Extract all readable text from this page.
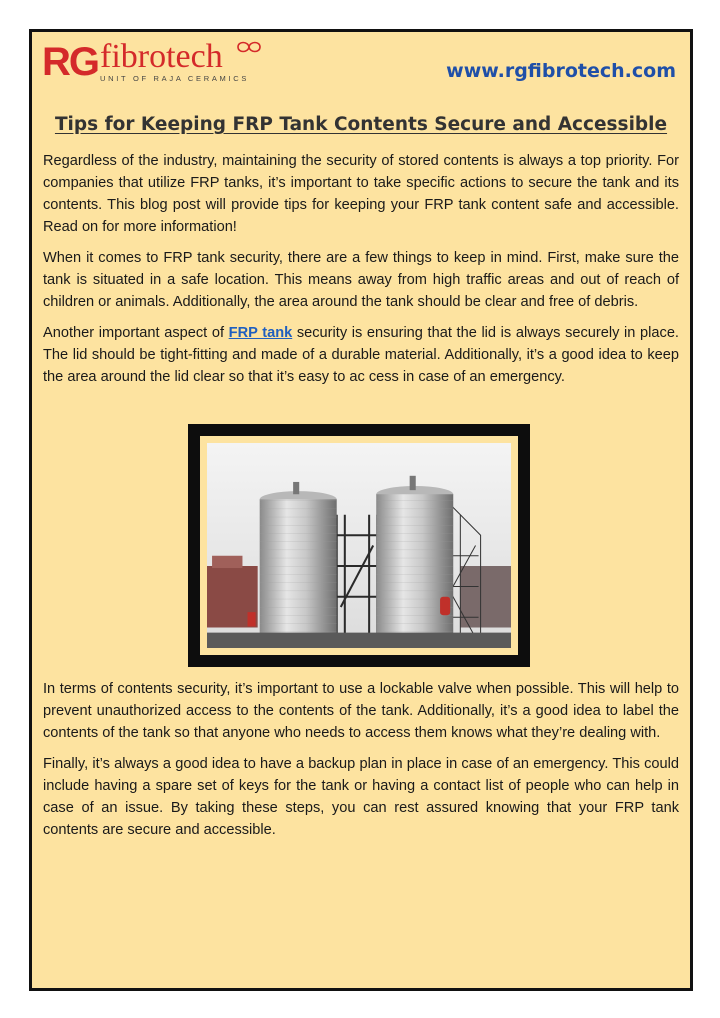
RG fibrotech
UNIT OF RAJA CERAMICS	www.rgfibrotech.com
Tips for Keeping FRP Tank Contents Secure and Accessible

Regardless of the industry, maintaining the security of stored contents is always a top priority. For companies that utilize FRP tanks, it’s important to take specific actions to secure the tank and its contents. This blog post will provide tips for keeping your FRP tank content safe and accessible. Read on for more information!

When it comes to FRP tank security, there are a few things to keep in mind. First, make sure the tank is situated in a safe location. This means away from high traffic areas and out of reach of children or animals. Additionally, the area around the tank should be clear and free of debris.

Another important aspect of FRP tank security is ensuring that the lid is always securely in place. The lid should be tight-fitting and made of a durable material. Additionally, it’s a good idea to keep the area around the lid clear so that it’s easy to ac cess in case of an emergency.

In terms of contents security, it’s important to use a lockable valve when possible. This will help to prevent unauthorized access to the contents of the tank. Additionally, it’s a good idea to label the contents of the tank so that anyone who needs to access them knows what they’re dealing with.

Finally, it’s always a good idea to have a backup plan in place in case of an emergency. This could include having a spare set of keys for the tank or having a contact list of people who can help in case of an issue. By taking these steps, you can rest assured knowing that your FRP tank contents are secure and accessible.
